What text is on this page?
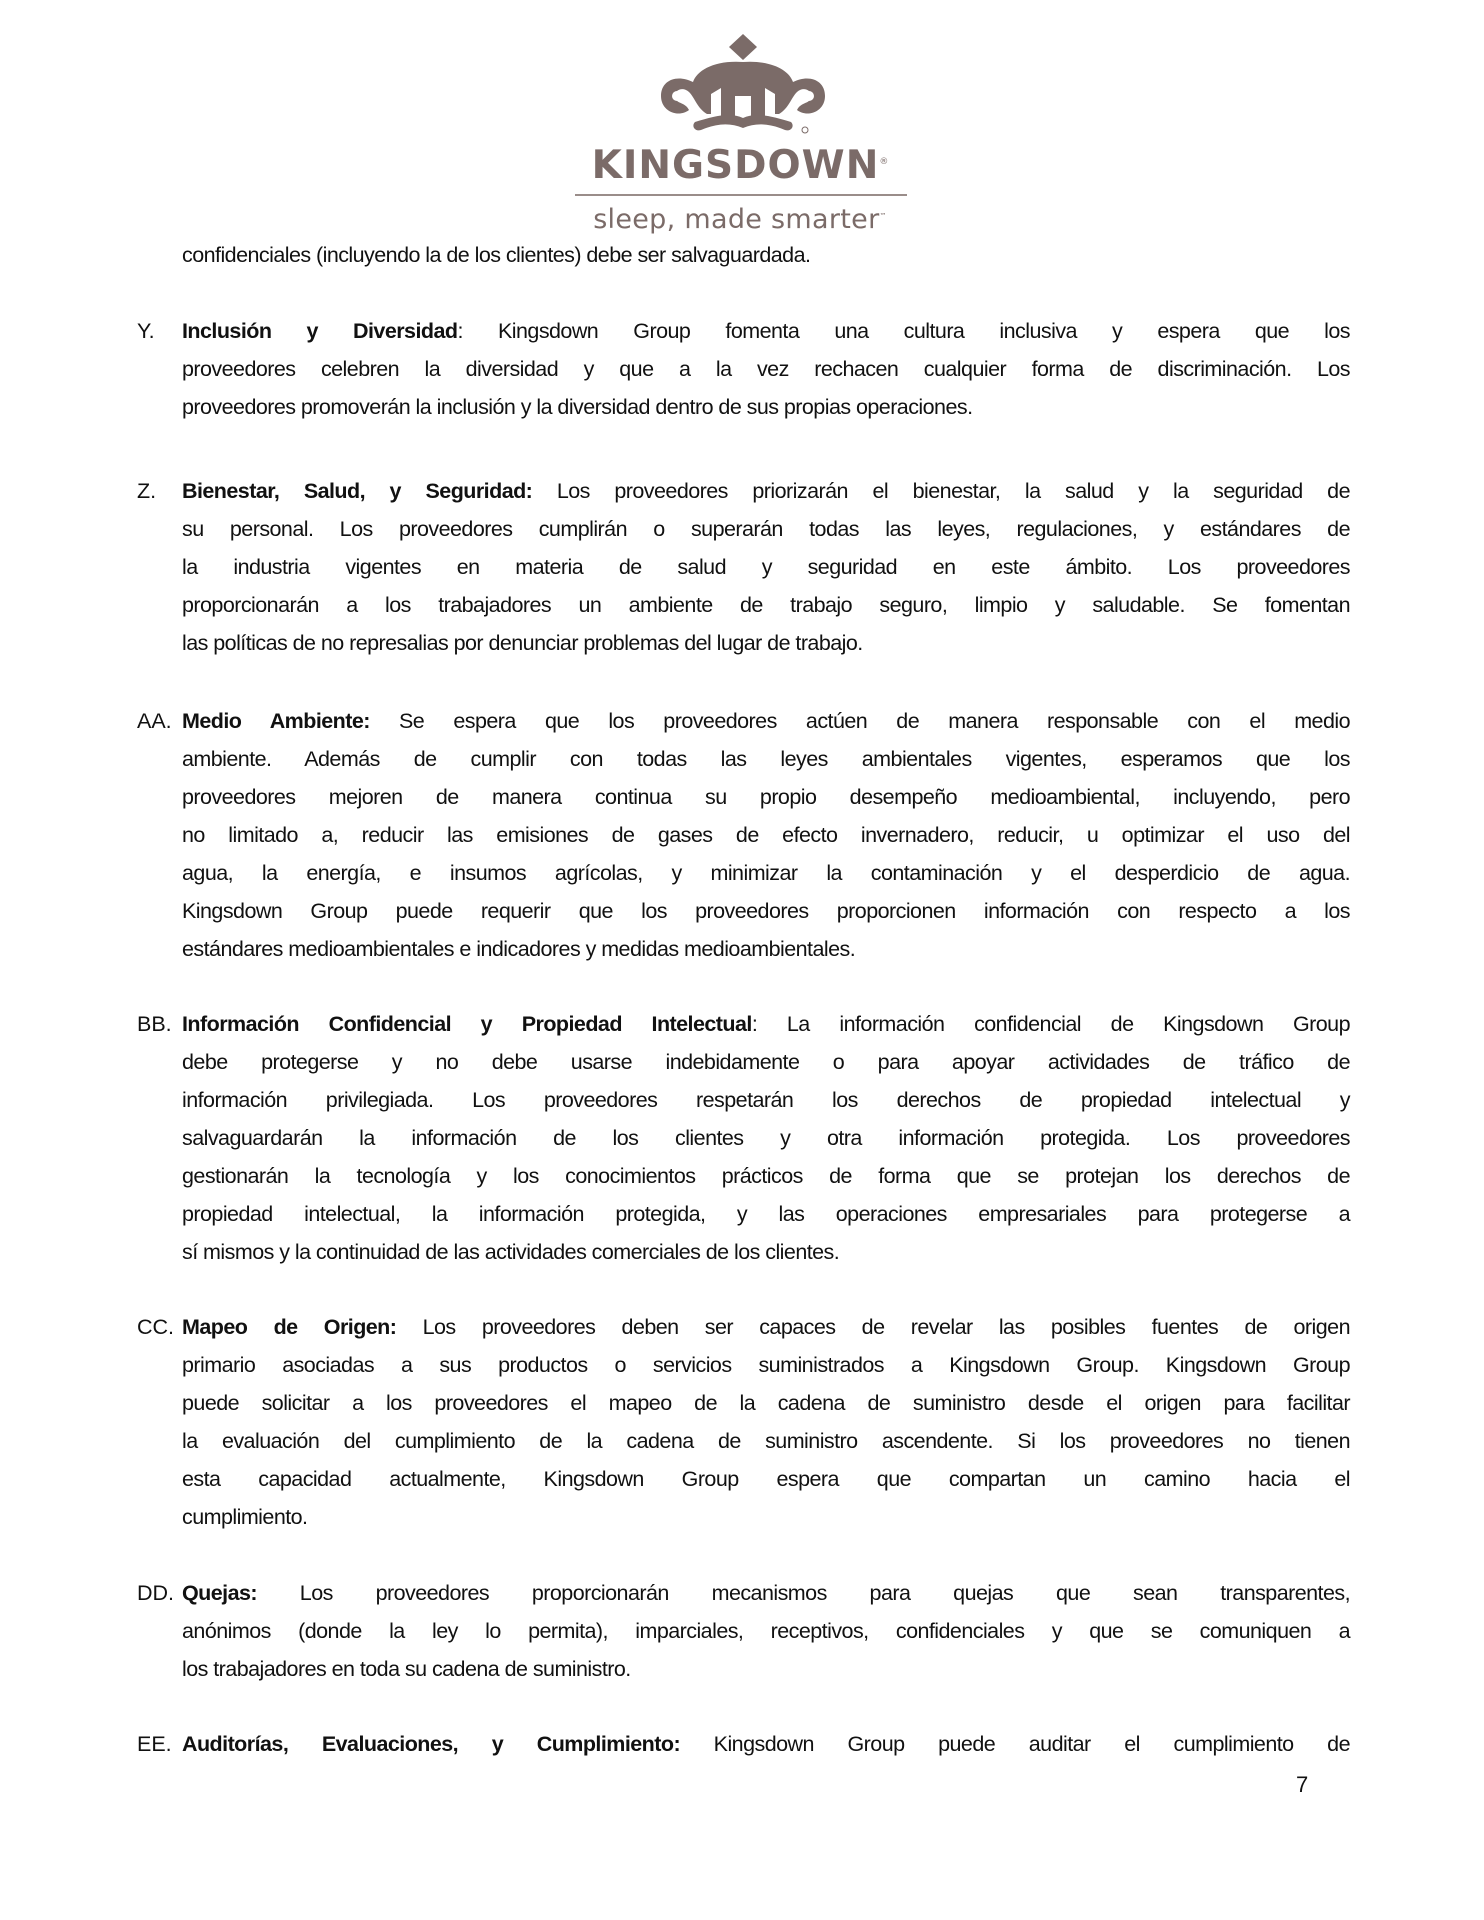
KINGSDOWN®
sleep, made smarter™
confidenciales (incluyendo la de los clientes) debe ser salvaguardada.
Y. Inclusión y Diversidad: Kingsdown Group fomenta una cultura inclusiva y espera que los
proveedores celebren la diversidad y que a la vez rechacen cualquier forma de discriminación. Los
proveedores promoverán la inclusión y la diversidad dentro de sus propias operaciones.
Z. Bienestar, Salud, y Seguridad: Los proveedores priorizarán el bienestar, la salud y la seguridad de
su personal. Los proveedores cumplirán o superarán todas las leyes, regulaciones, y estándares de
la industria vigentes en materia de salud y seguridad en este ámbito. Los proveedores
proporcionarán a los trabajadores un ambiente de trabajo seguro, limpio y saludable. Se fomentan
las políticas de no represalias por denunciar problemas del lugar de trabajo.
AA. Medio Ambiente: Se espera que los proveedores actúen de manera responsable con el medio
ambiente. Además de cumplir con todas las leyes ambientales vigentes, esperamos que los
proveedores mejoren de manera continua su propio desempeño medioambiental, incluyendo, pero
no limitado a, reducir las emisiones de gases de efecto invernadero, reducir, u optimizar el uso del
agua, la energía, e insumos agrícolas, y minimizar la contaminación y el desperdicio de agua.
Kingsdown Group puede requerir que los proveedores proporcionen información con respecto a los
estándares medioambientales e indicadores y medidas medioambientales.
BB. Información Confidencial y Propiedad Intelectual: La información confidencial de Kingsdown Group
debe protegerse y no debe usarse indebidamente o para apoyar actividades de tráfico de
información privilegiada. Los proveedores respetarán los derechos de propiedad intelectual y
salvaguardarán la información de los clientes y otra información protegida. Los proveedores
gestionarán la tecnología y los conocimientos prácticos de forma que se protejan los derechos de
propiedad intelectual, la información protegida, y las operaciones empresariales para protegerse a
sí mismos y la continuidad de las actividades comerciales de los clientes.
CC. Mapeo de Origen: Los proveedores deben ser capaces de revelar las posibles fuentes de origen
primario asociadas a sus productos o servicios suministrados a Kingsdown Group. Kingsdown Group
puede solicitar a los proveedores el mapeo de la cadena de suministro desde el origen para facilitar
la evaluación del cumplimiento de la cadena de suministro ascendente. Si los proveedores no tienen
esta capacidad actualmente, Kingsdown Group espera que compartan un camino hacia el
cumplimiento.
DD. Quejas: Los proveedores proporcionarán mecanismos para quejas que sean transparentes,
anónimos (donde la ley lo permita), imparciales, receptivos, confidenciales y que se comuniquen a
los trabajadores en toda su cadena de suministro.
EE. Auditorías, Evaluaciones, y Cumplimiento: Kingsdown Group puede auditar el cumplimiento de
7
